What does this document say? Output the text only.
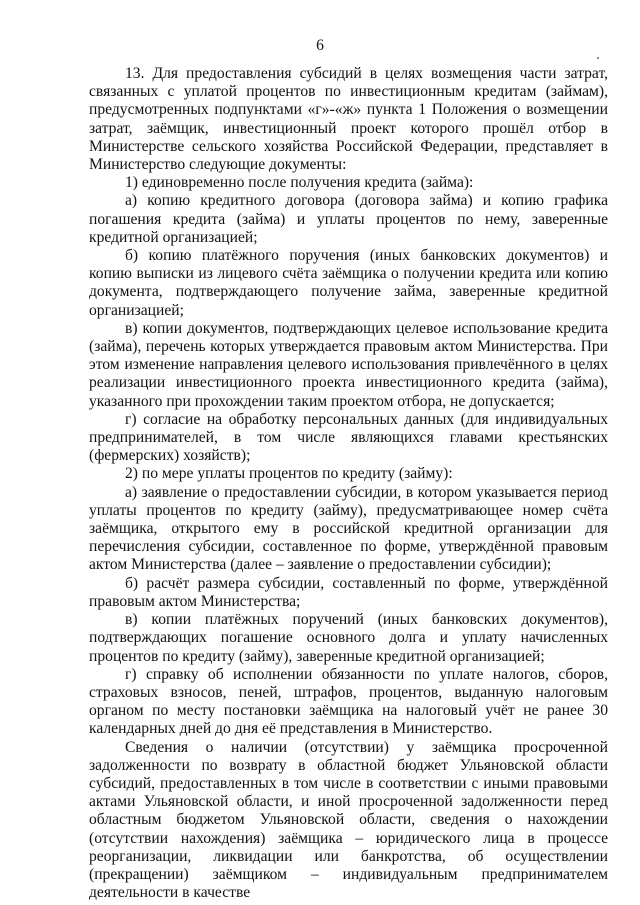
6

13. Для предоставления субсидий в целях возмещения части затрат, связанных с уплатой процентов по инвестиционным кредитам (займам), предусмотренных подпунктами «г»-«ж» пункта 1 Положения о возмещении затрат, заёмщик, инвестиционный проект которого прошёл отбор в Министерстве сельского хозяйства Российской Федерации, представляет в Министерство следующие документы:

1) единовременно после получения кредита (займа):

а) копию кредитного договора (договора займа) и копию графика погашения кредита (займа) и уплаты процентов по нему, заверенные кредитной организацией;

б) копию платёжного поручения (иных банковских документов) и копию выписки из лицевого счёта заёмщика о получении кредита или копию документа, подтверждающего получение займа, заверенные кредитной организацией;

в) копии документов, подтверждающих целевое использование кредита (займа), перечень которых утверждается правовым актом Министерства. При этом изменение направления целевого использования привлечённого в целях реализации инвестиционного проекта инвестиционного кредита (займа), указанного при прохождении таким проектом отбора, не допускается;

г) согласие на обработку персональных данных (для индивидуальных предпринимателей, в том числе являющихся главами крестьянских (фермерских) хозяйств);

2) по мере уплаты процентов по кредиту (займу):

а) заявление о предоставлении субсидии, в котором указывается период уплаты процентов по кредиту (займу), предусматривающее номер счёта заёмщика, открытого ему в российской кредитной организации для перечисления субсидии, составленное по форме, утверждённой правовым актом Министерства (далее – заявление о предоставлении субсидии);

б) расчёт размера субсидии, составленный по форме, утверждённой правовым актом Министерства;

в) копии платёжных поручений (иных банковских документов), подтверждающих погашение основного долга и уплату начисленных процентов по кредиту (займу), заверенные кредитной организацией;

г) справку об исполнении обязанности по уплате налогов, сборов, страховых взносов, пеней, штрафов, процентов, выданную налоговым органом по месту постановки заёмщика на налоговый учёт не ранее 30 календарных дней до дня её представления в Министерство.

Сведения о наличии (отсутствии) у заёмщика просроченной задолженности по возврату в областной бюджет Ульяновской области субсидий, предоставленных в том числе в соответствии с иными правовыми актами Ульяновской области, и иной просроченной задолженности перед областным бюджетом Ульяновской области, сведения о нахождении (отсутствии нахождения) заёмщика – юридического лица в процессе реорганизации, ликвидации или банкротства, об осуществлении (прекращении) заёмщиком – индивидуальным предпринимателем деятельности в качестве
